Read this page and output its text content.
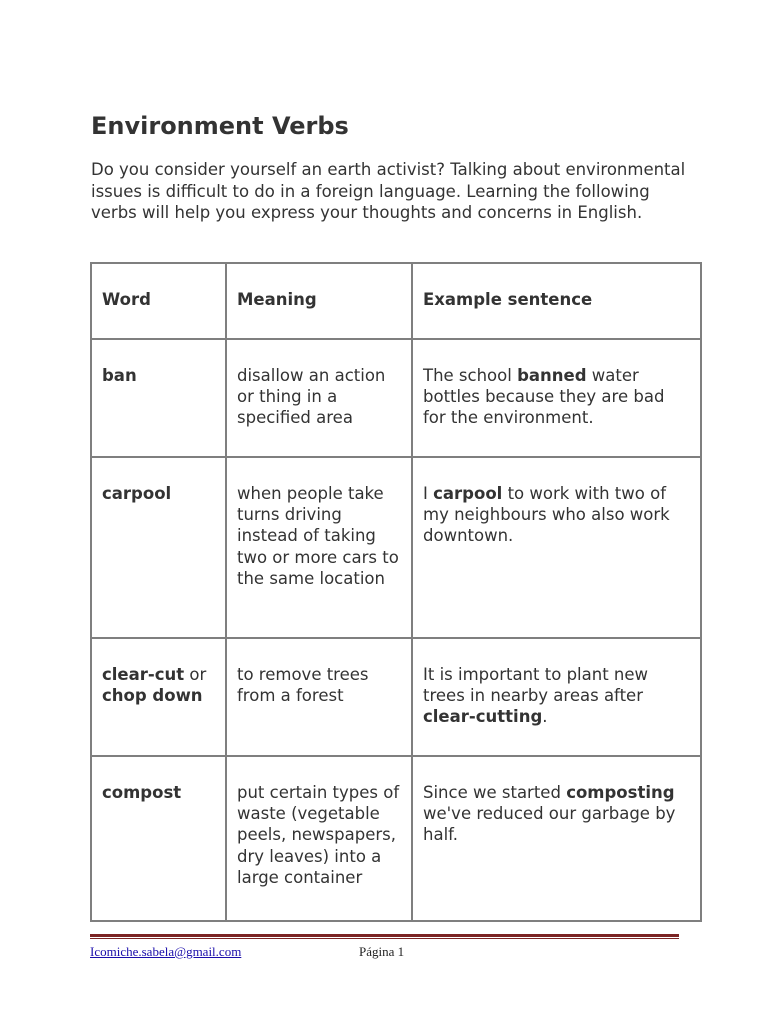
Environment Verbs

Do you consider yourself an earth activist? Talking about environmental issues is difficult to do in a foreign language. Learning the following verbs will help you express your thoughts and concerns in English.

Word	Meaning	Example sentence
ban	disallow an action or thing in a specified area	The school banned water bottles because they are bad for the environment.
carpool	when people take turns driving instead of taking two or more cars to the same location	I carpool to work with two of my neighbours who also work downtown.
clear-cut or chop down	to remove trees from a forest	It is important to plant new trees in nearby areas after clear-cutting.
compost	put certain types of waste (vegetable peels, newspapers, dry leaves) into a large container	Since we started composting we've reduced our garbage by half.
Icomiche.sabela@gmail.com	Página 1
